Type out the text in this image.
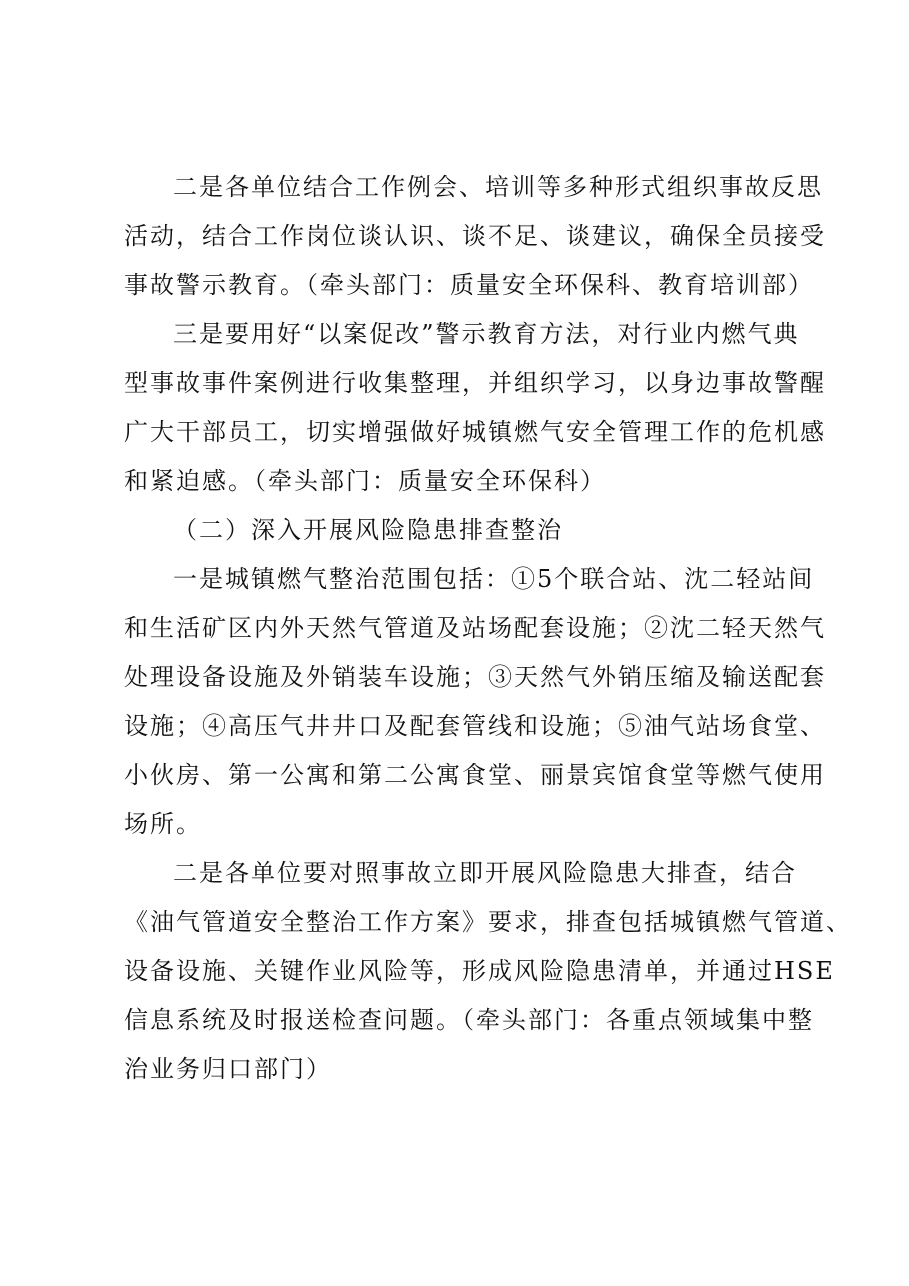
二是各单位结合工作例会、培训等多种形式组织事故反思
活动，结合工作岗位谈认识、谈不足、谈建议，确保全员接受
事故警示教育。（牵头部门：质量安全环保科、教育培训部）
三是要用好“以案促改”警示教育方法，对行业内燃气典
型事故事件案例进行收集整理，并组织学习，以身边事故警醒
广大干部员工，切实增强做好城镇燃气安全管理工作的危机感
和紧迫感。（牵头部门：质量安全环保科）
（二）深入开展风险隐患排查整治
一是城镇燃气整治范围包括：①5个联合站、沈二轻站间
和生活矿区内外天然气管道及站场配套设施；②沈二轻天然气
处理设备设施及外销装车设施；③天然气外销压缩及输送配套
设施；④高压气井井口及配套管线和设施；⑤油气站场食堂、
小伙房、第一公寓和第二公寓食堂、丽景宾馆食堂等燃气使用
场所。
二是各单位要对照事故立即开展风险隐患大排查，结合
《油气管道安全整治工作方案》要求，排查包括城镇燃气管道、
设备设施、关键作业风险等，形成风险隐患清单，并通过HSE
信息系统及时报送检查问题。（牵头部门：各重点领域集中整
治业务归口部门）
